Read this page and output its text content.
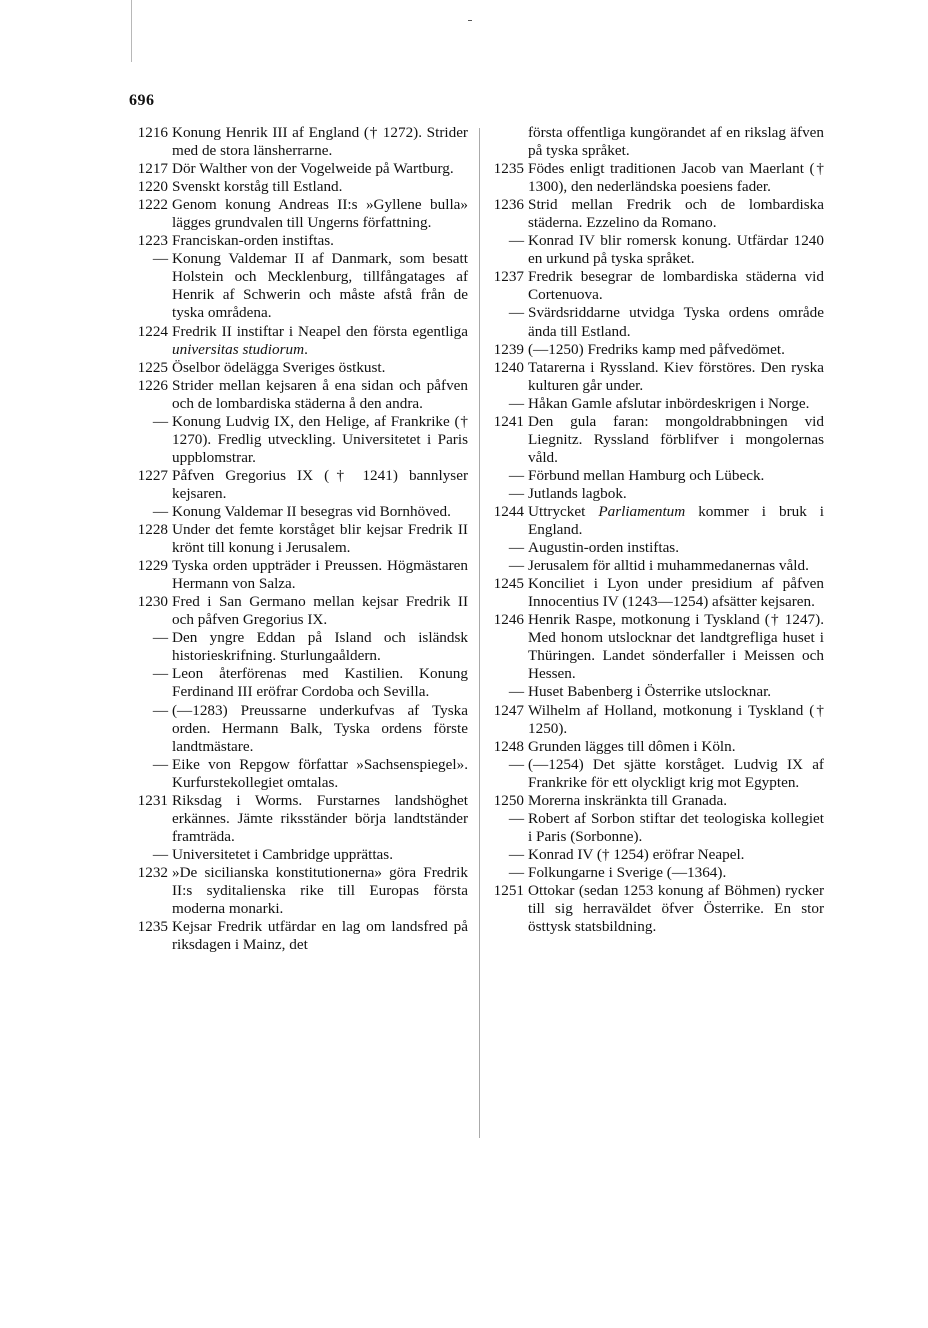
696
1216 Konung Henrik III af England († 1272). Strider med de stora länsherrarne.
1217 Dör Walther von der Vogelweide på Wartburg.
1220 Svenskt korståg till Estland.
1222 Genom konung Andreas II:s »Gyllene bulla» lägges grundvalen till Ungerns författning.
1223 Franciskan-orden instiftas.
— Konung Valdemar II af Danmark, som besatt Holstein och Mecklenburg, tillfångatages af Henrik af Schwerin och måste afstå från de tyska områdena.
1224 Fredrik II instiftar i Neapel den första egentliga universitas studiorum.
1225 Öselbor ödelägga Sveriges östkust.
1226 Strider mellan kejsaren å ena sidan och påfven och de lombardiska städerna å den andra.
— Konung Ludvig IX, den Helige, af Frankrike († 1270). Fredlig utveckling. Universitetet i Paris uppblomstrar.
1227 Påfven Gregorius IX († 1241) bannlyser kejsaren.
— Konung Valdemar II besegras vid Bornhöved.
1228 Under det femte korståget blir kejsar Fredrik II krönt till konung i Jerusalem.
1229 Tyska orden uppträder i Preussen. Högmästaren Hermann von Salza.
1230 Fred i San Germano mellan kejsar Fredrik II och påfven Gregorius IX.
— Den yngre Eddan på Island och isländsk historieskrifning. Sturlungaåldern.
— Leon återförenas med Kastilien. Konung Ferdinand III eröfrar Cordoba och Sevilla.
— (—1283) Preussarne underkufvas af Tyska orden. Hermann Balk, Tyska ordens förste landtmästare.
— Eike von Repgow författar »Sachsenspiegel». Kurfurstekollegiet omtalas.
1231 Riksdag i Worms. Furstarnes landshöghet erkännes. Jämte riksständer börja landtständer framträda.
— Universitetet i Cambridge upprättas.
1232 »De sicilianska konstitutionerna» göra Fredrik II:s syditalienska rike till Europas första moderna monarki.
1235 Kejsar Fredrik utfärdar en lag om landsfred på riksdagen i Mainz, det
första offentliga kungörandet af en rikslag äfven på tyska språket.
1235 Födes enligt traditionen Jacob van Maerlant († 1300), den nederländska poesiens fader.
1236 Strid mellan Fredrik och de lombardiska städerna. Ezzelino da Romano.
— Konrad IV blir romersk konung. Utfärdar 1240 en urkund på tyska språket.
1237 Fredrik besegrar de lombardiska städerna vid Cortenuova.
— Svärdsriddarne utvidga Tyska ordens område ända till Estland.
1239 (—1250) Fredriks kamp med påfvedömet.
1240 Tatarerna i Ryssland. Kiev förstöres. Den ryska kulturen går under.
— Håkan Gamle afslutar inbördeskrigen i Norge.
1241 Den gula faran: mongoldrabbningen vid Liegnitz. Ryssland förblifver i mongolernas våld.
— Förbund mellan Hamburg och Lübeck.
— Jutlands lagbok.
1244 Uttrycket Parliamentum kommer i bruk i England.
— Augustin-orden instiftas.
— Jerusalem för alltid i muhammedanernas våld.
1245 Konciliet i Lyon under presidium af påfven Innocentius IV (1243—1254) afsätter kejsaren.
1246 Henrik Raspe, motkonung i Tyskland († 1247). Med honom utslocknar det landtgrefliga huset i Thüringen. Landet sönderfaller i Meissen och Hessen.
— Huset Babenberg i Österrike utslocknar.
1247 Wilhelm af Holland, motkonung i Tyskland († 1250).
1248 Grunden lägges till dômen i Köln.
— (—1254) Det sjätte korståget. Ludvig IX af Frankrike för ett olyckligt krig mot Egypten.
1250 Morerna inskränkta till Granada.
— Robert af Sorbon stiftar det teologiska kollegiet i Paris (Sorbonne).
— Konrad IV († 1254) eröfrar Neapel.
— Folkungarne i Sverige (—1364).
1251 Ottokar (sedan 1253 konung af Böhmen) rycker till sig herraväldet öfver Österrike. En stor östtysk statsbildning.
